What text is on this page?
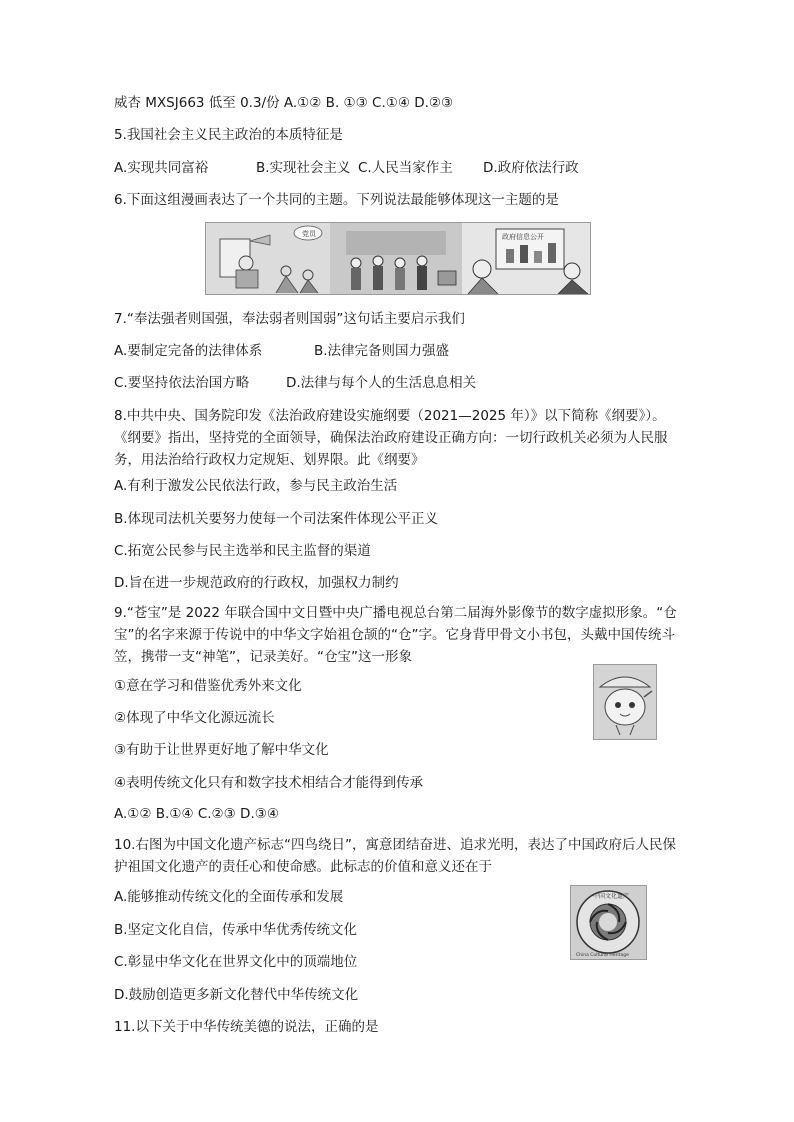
威杏 MXSJ663 低至 0.3/份 A.①② B. ①③ C.①④ D.②③
5.我国社会主义民主政治的本质特征是
A.实现共同富裕	B.实现社会主义 C.人民当家作主 D.政府依法行政
6.下面这组漫画表达了一个共同的主题。下列说法最能够体现这一主题的是
党员	政府信息公开
7.“奉法强者则国强，奉法弱者则国弱”这句话主要启示我们
A.要制定完备的法律体系	B.法律完备则国力强盛
C.要坚持依法治国方略	D.法律与每个人的生活息息相关
8.中共中央、国务院印发《法治政府建设实施纲要（2021—2025 年）》以下简称《纲要》）。《纲要》指出，坚持党的全面领导，确保法治政府建设正确方向：一切行政机关必须为人民服务，用法治给行政权力定规矩、划界限。此《纲要》
A.有利于激发公民依法行政，参与民主政治生活
B.体现司法机关要努力使每一个司法案件体现公平正义
C.拓宽公民参与民主选举和民主监督的渠道
D.旨在进一步规范政府的行政权，加强权力制约
9.“苍宝”是 2022 年联合国中文日暨中央广播电视总台第二届海外影像节的数字虚拟形象。“仓宝”的名字来源于传说中的中华文字始祖仓颉的“仓”字。它身背甲骨文小书包，头戴中国传统斗笠，携带一支“神笔”，记录美好。“仓宝”这一形象
①意在学习和借鉴优秀外来文化
②体现了中华文化源远流长
③有助于让世界更好地了解中华文化
④表明传统文化只有和数字技术相结合才能得到传承
A.①② B.①④ C.②③ D.③④
10.右图为中国文化遗产标志“四鸟绕日”，寓意团结奋进、追求光明，表达了中国政府后人民保护祖国文化遗产的责任心和使命感。此标志的价值和意义还在于
A.能够推动传统文化的全面传承和发展
B.坚定文化自信，传承中华优秀传统文化
C.彰显中华文化在世界文化中的顶端地位
D.鼓励创造更多新文化替代中华传统文化
中国文化遗产
China Cultural Heritage
11.以下关于中华传统美德的说法，正确的是
